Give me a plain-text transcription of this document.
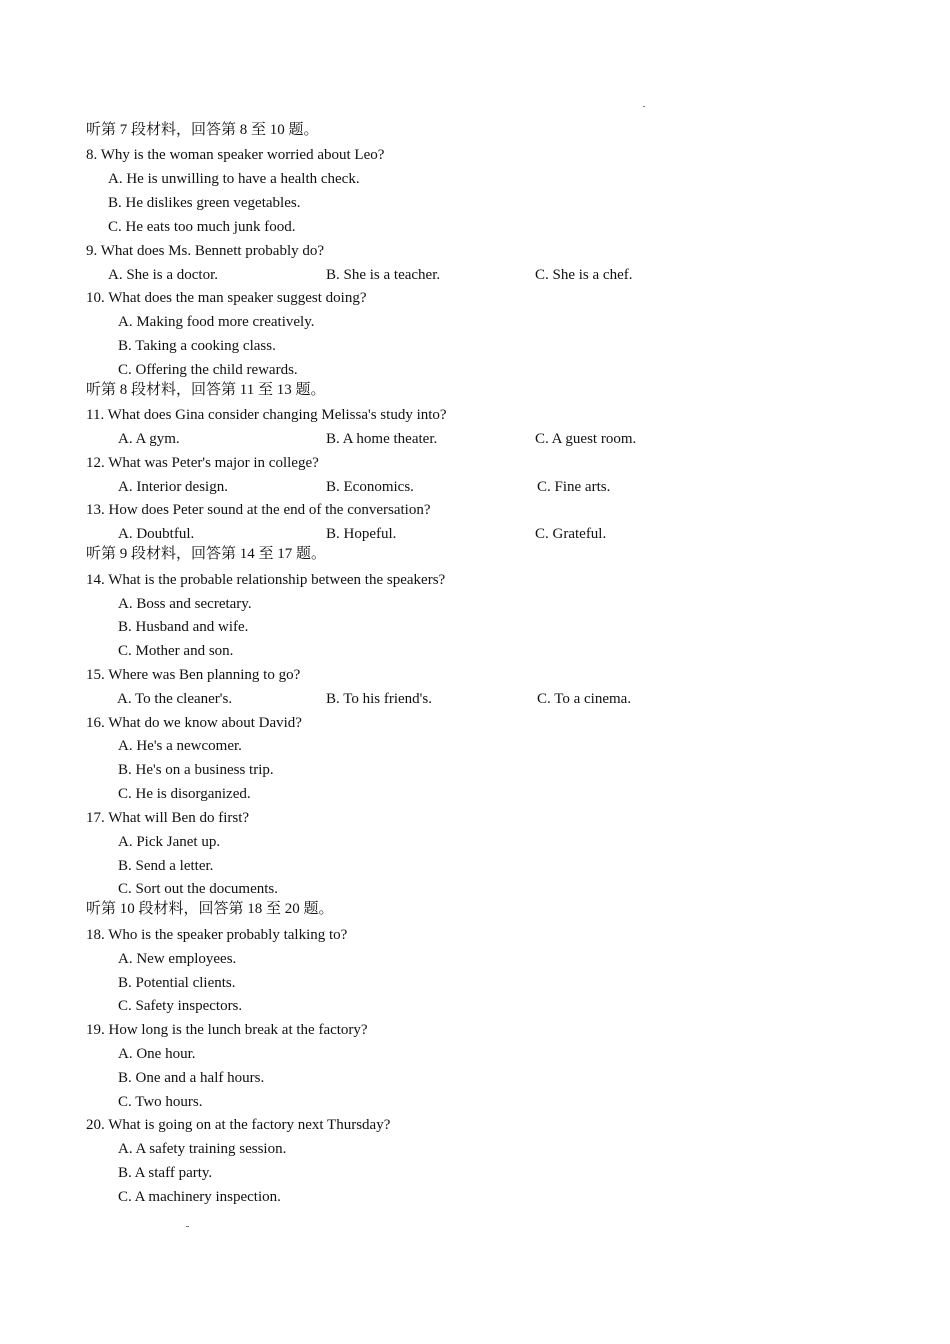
听第 7 段材料，回答第 8 至 10 题。
8. Why is the woman speaker worried about Leo?
A. He is unwilling to have a health check.
B. He dislikes green vegetables.
C. He eats too much junk food.
9. What does Ms. Bennett probably do?
A. She is a doctor.	B. She is a teacher.	C. She is a chef.
10. What does the man speaker suggest doing?
A. Making food more creatively.
B. Taking a cooking class.
C. Offering the child rewards.
听第 8 段材料，回答第 11 至 13 题。
11. What does Gina consider changing Melissa's study into?
A. A gym.	B. A home theater.	C. A guest room.
12. What was Peter's major in college?
A. Interior design.	B. Economics.	C. Fine arts.
13. How does Peter sound at the end of the conversation?
A. Doubtful.	B. Hopeful.	C. Grateful.
听第 9 段材料，回答第 14 至 17 题。
14. What is the probable relationship between the speakers?
A. Boss and secretary.
B. Husband and wife.
C. Mother and son.
15. Where was Ben planning to go?
A. To the cleaner's.	B. To his friend's.	C. To a cinema.
16. What do we know about David?
A. He's a newcomer.
B. He's on a business trip.
C. He is disorganized.
17. What will Ben do first?
A. Pick Janet up.
B. Send a letter.
C. Sort out the documents.
听第 10 段材料，回答第 18 至 20 题。
18. Who is the speaker probably talking to?
A. New employees.
B. Potential clients.
C. Safety inspectors.
19. How long is the lunch break at the factory?
A. One hour.
B. One and a half hours.
C. Two hours.
20. What is going on at the factory next Thursday?
A. A safety training session.
B. A staff party.
C. A machinery inspection.
